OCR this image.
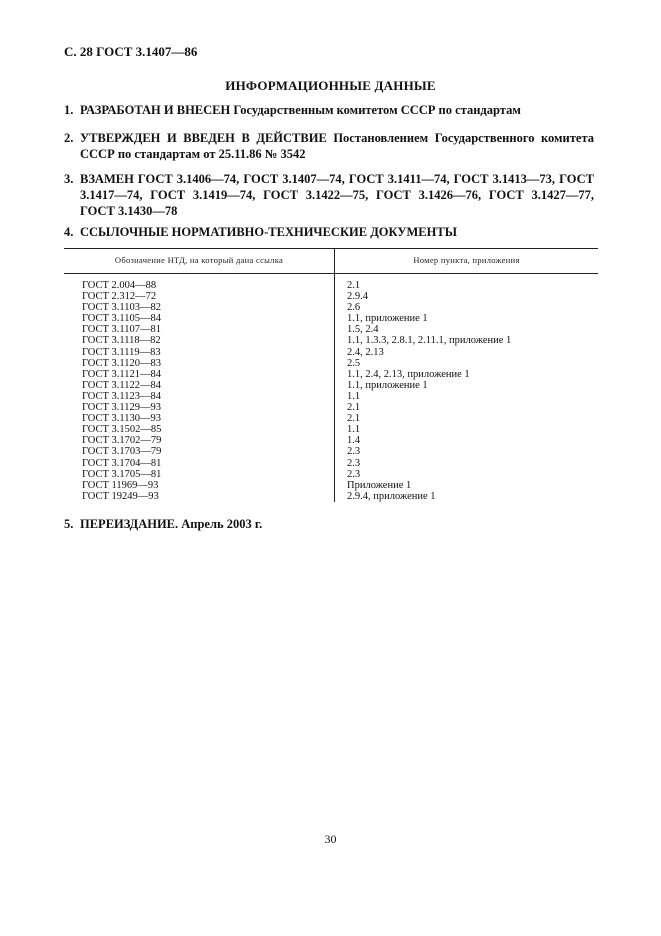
С. 28 ГОСТ 3.1407—86
ИНФОРМАЦИОННЫЕ ДАННЫЕ
1. РАЗРАБОТАН И ВНЕСЕН Государственным комитетом СССР по стандартам
2. УТВЕРЖДЕН И ВВЕДЕН В ДЕЙСТВИЕ Постановлением Государственного комитета СССР по стандартам от 25.11.86 № 3542
3. ВЗАМЕН ГОСТ 3.1406—74, ГОСТ 3.1407—74, ГОСТ 3.1411—74, ГОСТ 3.1413—73, ГОСТ 3.1417—74, ГОСТ 3.1419—74, ГОСТ 3.1422—75, ГОСТ 3.1426—76, ГОСТ 3.1427—77, ГОСТ 3.1430—78
4. ССЫЛОЧНЫЕ НОРМАТИВНО-ТЕХНИЧЕСКИЕ ДОКУМЕНТЫ
Обозначение НТД, на который дана ссылка	Номер пункта, приложения
ГОСТ 2.004—88	2.1
ГОСТ 2.312—72	2.9.4
ГОСТ 3.1103—82	2.6
ГОСТ 3.1105—84	1.1, приложение 1
ГОСТ 3.1107—81	1.5, 2.4
ГОСТ 3.1118—82	1.1, 1.3.3, 2.8.1, 2.11.1, приложение 1
ГОСТ 3.1119—83	2.4, 2.13
ГОСТ 3.1120—83	2.5
ГОСТ 3.1121—84	1.1, 2.4, 2.13, приложение 1
ГОСТ 3.1122—84	1.1, приложение 1
ГОСТ 3.1123—84	1.1
ГОСТ 3.1129—93	2.1
ГОСТ 3.1130—93	2.1
ГОСТ 3.1502—85	1.1
ГОСТ 3.1702—79	1.4
ГОСТ 3.1703—79	2.3
ГОСТ 3.1704—81	2.3
ГОСТ 3.1705—81	2.3
ГОСТ 11969—93	Приложение 1
ГОСТ 19249—93	2.9.4, приложение 1
5. ПЕРЕИЗДАНИЕ. Апрель 2003 г.
30
